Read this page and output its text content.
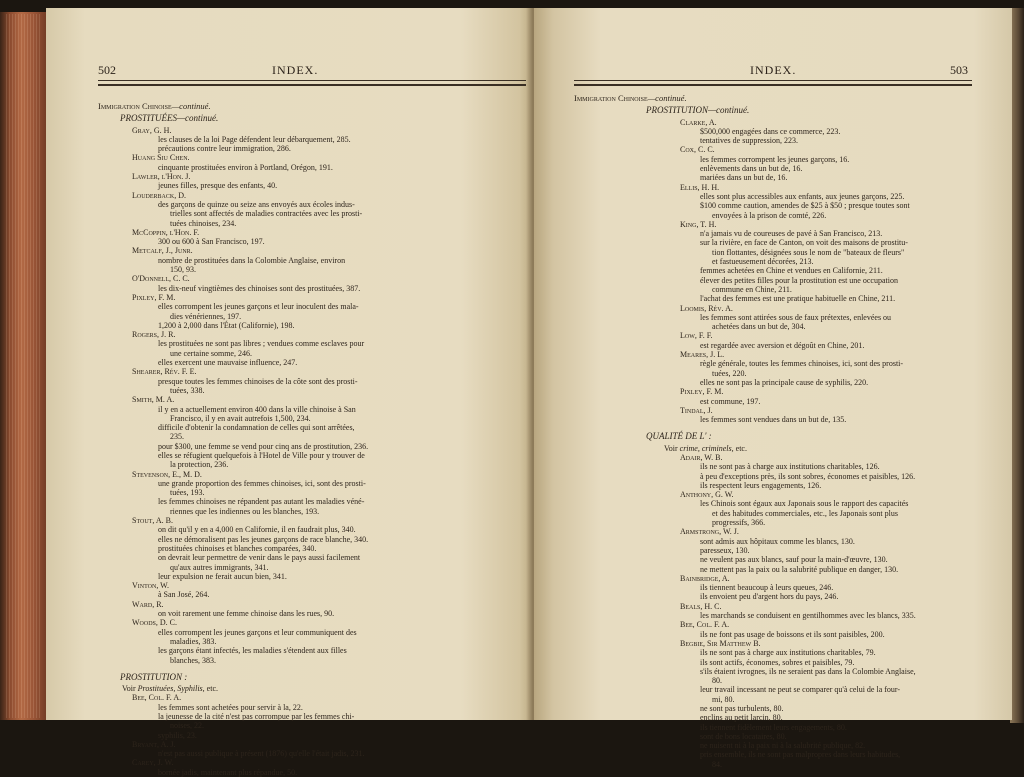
502	INDEX.
Immigration Chinoise—continué.
PROSTITUÉES—continué.
Gray, G. H.
les clauses de la loi Page défendent leur débarquement, 285.
précautions contre leur immigration, 286.
Huang Siu Chen.
cinquante prostituées environ à Portland, Orégon, 191.
Lawler, l'Hon. J.
jeunes filles, presque des enfants, 40.
Louderback, D.
des garçons de quinze ou seize ans envoyés aux écoles indus-
trielles sont affectés de maladies contractées avec les prosti-
tuées chinoises, 234.
McCoppin, l'Hon. F.
300 ou 600 à San Francisco, 197.
Metcalf, J., Junr.
nombre de prostituées dans la Colombie Anglaise, environ
150, 93.
O'Donnell, C. C.
les dix-neuf vingtièmes des chinoises sont des prostituées, 387.
Pixley, F. M.
elles corrompent les jeunes garçons et leur inoculent des mala-
dies vénériennes, 197.
1,200 à 2,000 dans l'État (Californie), 198.
Rogers, J. R.
les prostituées ne sont pas libres ; vendues comme esclaves pour
une certaine somme, 246.
elles exercent une mauvaise influence, 247.
Shearer, Rév. F. E.
presque toutes les femmes chinoises de la côte sont des prosti-
tuées, 338.
Smith, M. A.
il y en a actuellement environ 400 dans la ville chinoise à San
Francisco, il y en avait autrefois 1,500, 234.
difficile d'obtenir la condamnation de celles qui sont arrêtées,
235.
pour $300, une femme se vend pour cinq ans de prostitution, 236.
elles se réfugient quelquefois à l'Hotel de Ville pour y trouver de
la protection, 236.
Stevenson, E., M. D.
une grande proportion des femmes chinoises, ici, sont des prosti-
tuées, 193.
les femmes chinoises ne répandent pas autant les maladies véné-
riennes que les indiennes ou les blanches, 193.
Stout, A. B.
on dit qu'il y en a 4,000 en Californie, il en faudrait plus, 340.
elles ne démoralisent pas les jeunes garçons de race blanche, 340.
prostituées chinoises et blanches comparées, 340.
on devrait leur permettre de venir dans le pays aussi facilement
qu'aux autres immigrants, 341.
leur expulsion ne ferait aucun bien, 341.
Vinton, W.
à San José, 264.
Ward, R.
on voit rarement une femme chinoise dans les rues, 90.
Woods, D. C.
elles corrompent les jeunes garçons et leur communiquent des
maladies, 383.
les garçons étant infectés, les maladies s'étendent aux filles
blanches, 383.
PROSTITUTION :
Voir Prostituées, Syphilis, etc.
Bee, Col. F. A.
les femmes sont achetées pour servir à la, 22.
la jeunesse de la cité n'est pas corrompue par les femmes chi-
noises, 22.
syphilis, 23.
Bryant, A. J.
n'est pas aussi publique à présent (1876) qu'elle l'était jadis, 231.
Carey, J. W.
bornée jadis, maintenant plus répandue, 50.
INDEX.	503
Immigration Chinoise—continué.
PROSTITUTION—continué.
Clarke, A.
$500,000 engagées dans ce commerce, 223.
tentatives de suppression, 223.
Cox, C. C.
les femmes corrompent les jeunes garçons, 16.
enlèvements dans un but de, 16.
mariées dans un but de, 16.
Ellis, H. H.
elles sont plus accessibles aux enfants, aux jeunes garçons, 225.
$100 comme caution, amendes de $25 à $50 ; presque toutes sont
envoyées à la prison de comté, 226.
King, T. H.
n'a jamais vu de coureuses de pavé à San Francisco, 213.
sur la rivière, en face de Canton, on voit des maisons de prostitu-
tion flottantes, désignées sous le nom de "bateaux de fleurs"
et fastueusement décorées, 213.
femmes achetées en Chine et vendues en Californie, 211.
élever des petites filles pour la prostitution est une occupation
commune en Chine, 211.
l'achat des femmes est une pratique habituelle en Chine, 211.
Loomis, Rév. A.
les femmes sont attirées sous de faux prétextes, enlevées ou
achetées dans un but de, 304.
Low, F. F.
est regardée avec aversion et dégoût en Chine, 201.
Meares, J. L.
règle générale, toutes les femmes chinoises, ici, sont des prosti-
tuées, 220.
elles ne sont pas la principale cause de syphilis, 220.
Pixley, F. M.
est commune, 197.
Tindal, J.
les femmes sont vendues dans un but de, 135.
QUALITÉ DE L' :
Voir crime, criminels, etc.
Adair, W. B.
ils ne sont pas à charge aux institutions charitables, 126.
à peu d'exceptions près, ils sont sobres, économes et paisibles, 126.
ils respectent leurs engagements, 126.
Anthony, G. W.
les Chinois sont égaux aux Japonais sous le rapport des capacités
et des habitudes commerciales, etc., les Japonais sont plus
progressifs, 366.
Armstrong, W. J.
sont admis aux hôpitaux comme les blancs, 130.
paresseux, 130.
ne veulent pas aux blancs, sauf pour la main-d'œuvre, 130.
ne mettent pas la paix ou la salubrité publique en danger, 130.
Bainbridge, A.
ils tiennent beaucoup à leurs queues, 246.
ils envoient peu d'argent hors du pays, 246.
Beals, H. C.
les marchands se conduisent en gentilhommes avec les blancs, 335.
Bee, Col. F. A.
ils ne font pas usage de boissons et ils sont paisibles, 200.
Begbie, Sir Matthew B.
ils ne sont pas à charge aux institutions charitables, 79.
ils sont actifs, économes, sobres et paisibles, 79.
s'ils étaient ivrognes, ils ne seraient pas dans la Colombie Anglaise,
80.
leur travail incessant ne peut se comparer qu'à celui de la four-
mi, 80.
ne sont pas turbulents, 80.
enclins au petit larcin, 80.
ils tiennent fidèlement leurs engagements, 80.
sont de bons locataires, 80.
ne nuisent ni à la paix ni à la salubrité publique, 82.
pris ensemble, ils ne sont pas malpropres dans leurs habitudes,
84.
